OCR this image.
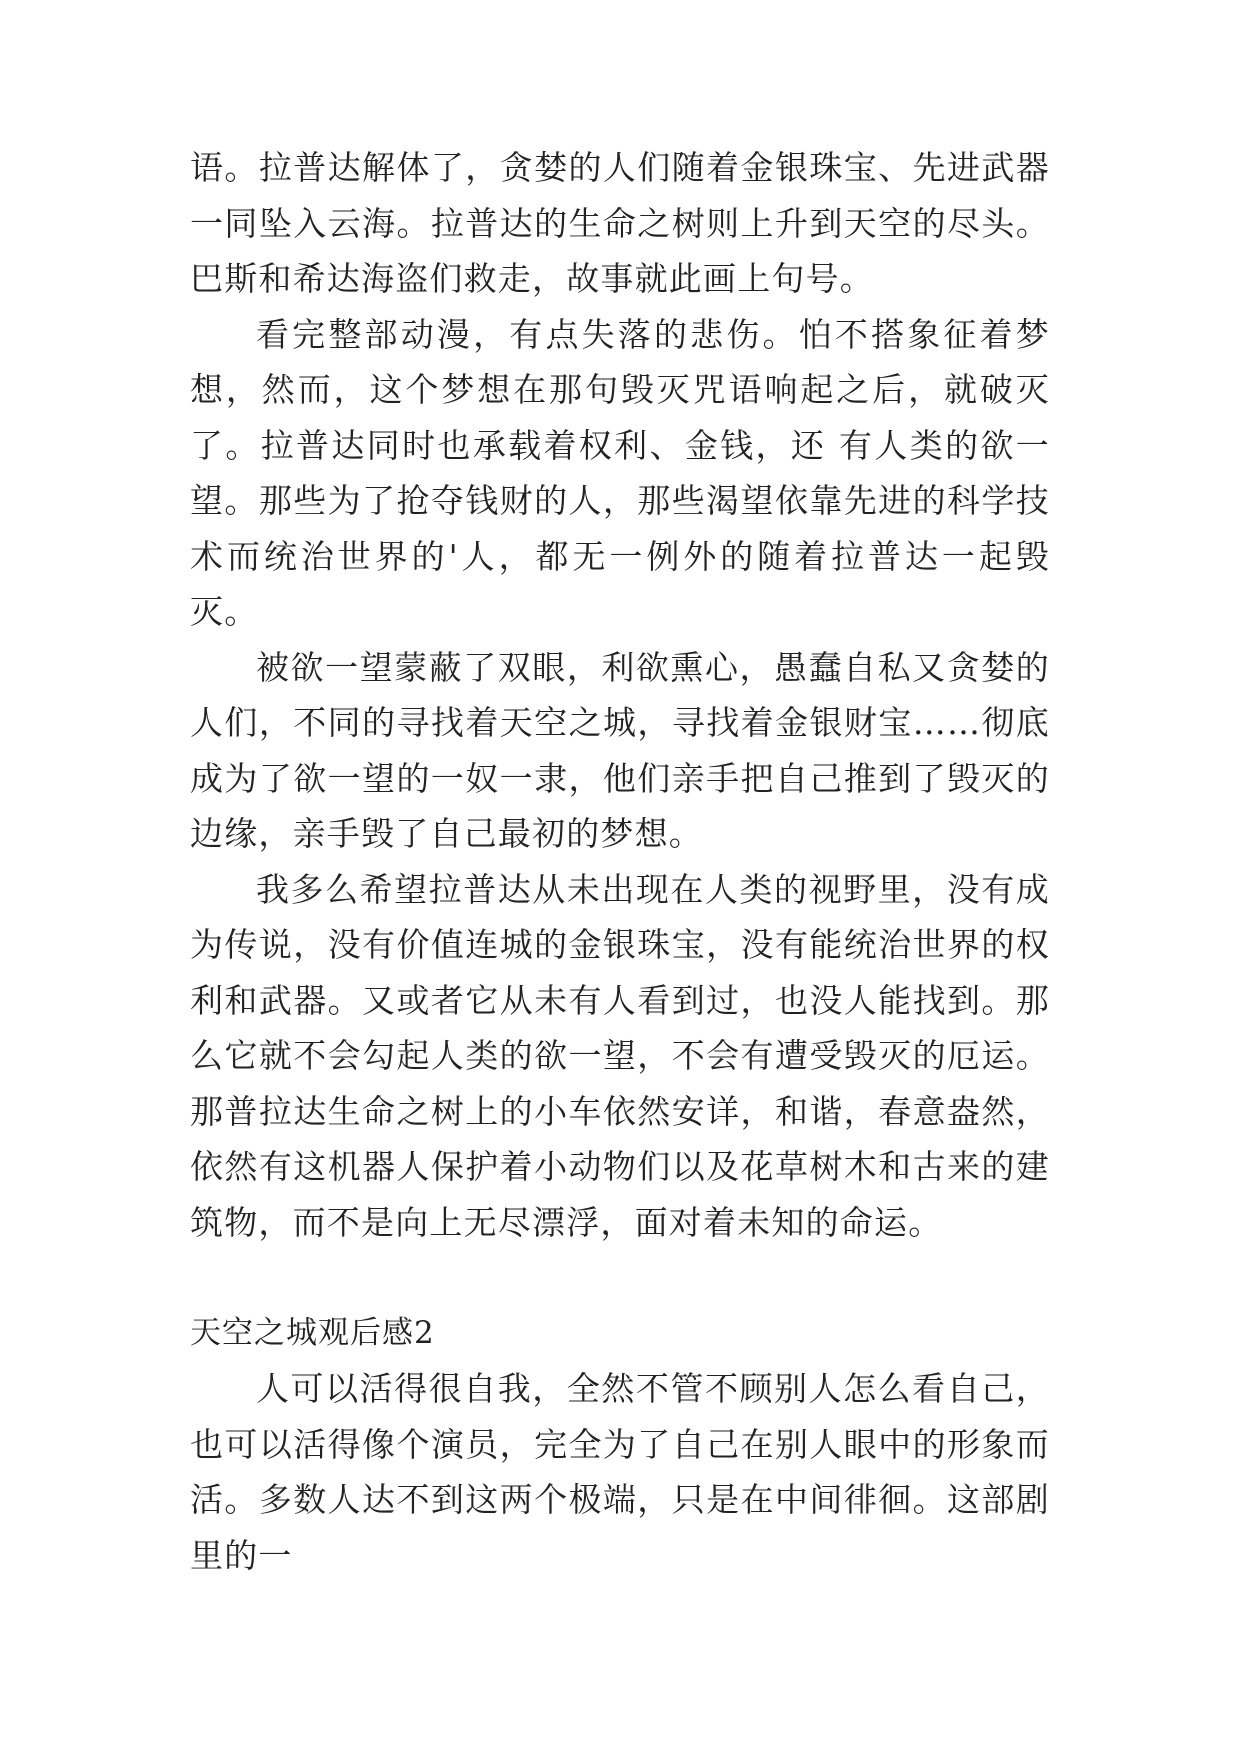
语。拉普达解体了，贪婪的人们随着金银珠宝、先进武器一同坠入云海。拉普达的生命之树则上升到天空的尽头。巴斯和希达海盗们救走，故事就此画上句号。

看完整部动漫，有点失落的悲伤。怕不搭象征着梦想，然而，这个梦想在那句毁灭咒语响起之后，就破灭了。拉普达同时也承载着权利、金钱，还 有人类的欲一望。那些为了抢夺钱财的人，那些渴望依靠先进的科学技术而统治世界的'人，都无一例外的随着拉普达一起毁灭。

被欲一望蒙蔽了双眼，利欲熏心，愚蠢自私又贪婪的人们，不同的寻找着天空之城，寻找着金银财宝……彻底成为了欲一望的一奴一隶，他们亲手把自己推到了毁灭的边缘，亲手毁了自己最初的梦想。

我多么希望拉普达从未出现在人类的视野里，没有成为传说，没有价值连城的金银珠宝，没有能统治世界的权利和武器。又或者它从未有人看到过，也没人能找到。那么它就不会勾起人类的欲一望，不会有遭受毁灭的厄运。那普拉达生命之树上的小车依然安详，和谐，春意盎然，依然有这机器人保护着小动物们以及花草树木和古来的建筑物，而不是向上无尽漂浮，面对着未知的命运。

天空之城观后感2

人可以活得很自我，全然不管不顾别人怎么看自己，也可以活得像个演员，完全为了自己在别人眼中的形象而活。多数人达不到这两个极端，只是在中间徘徊。这部剧里的一
